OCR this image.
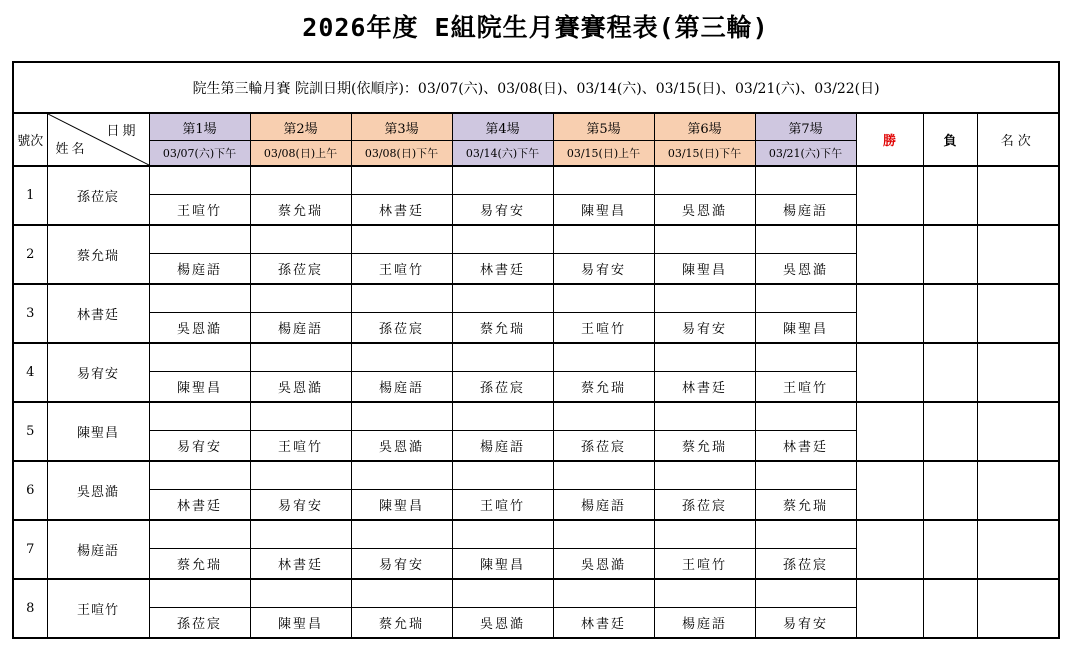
2026年度 E組院生月賽賽程表(第三輪)
院生第三輪月賽 院訓日期(依順序)：03/07(六)、03/08(日)、03/14(六)、03/15(日)、03/21(六)、03/22(日)											
號次	日期
姓名	第1場	第2場	第3場	第4場	第5場	第6場	第7場	勝	負	名次
		03/07(六)下午	03/08(日)上午	03/08(日)下午	03/14(六)下午	03/15(日)上午	03/15(日)下午	03/21(六)下午			
1	孫莅宸										
		王喧竹	蔡允瑞	林書廷	易宥安	陳聖昌	吳恩澔	楊庭語			
2	蔡允瑞										
		楊庭語	孫莅宸	王喧竹	林書廷	易宥安	陳聖昌	吳恩澔			
3	林書廷										
		吳恩澔	楊庭語	孫莅宸	蔡允瑞	王喧竹	易宥安	陳聖昌			
4	易宥安										
		陳聖昌	吳恩澔	楊庭語	孫莅宸	蔡允瑞	林書廷	王喧竹			
5	陳聖昌										
		易宥安	王喧竹	吳恩澔	楊庭語	孫莅宸	蔡允瑞	林書廷			
6	吳恩澔										
		林書廷	易宥安	陳聖昌	王喧竹	楊庭語	孫莅宸	蔡允瑞			
7	楊庭語										
		蔡允瑞	林書廷	易宥安	陳聖昌	吳恩澔	王喧竹	孫莅宸			
8	王喧竹										
		孫莅宸	陳聖昌	蔡允瑞	吳恩澔	林書廷	楊庭語	易宥安			
